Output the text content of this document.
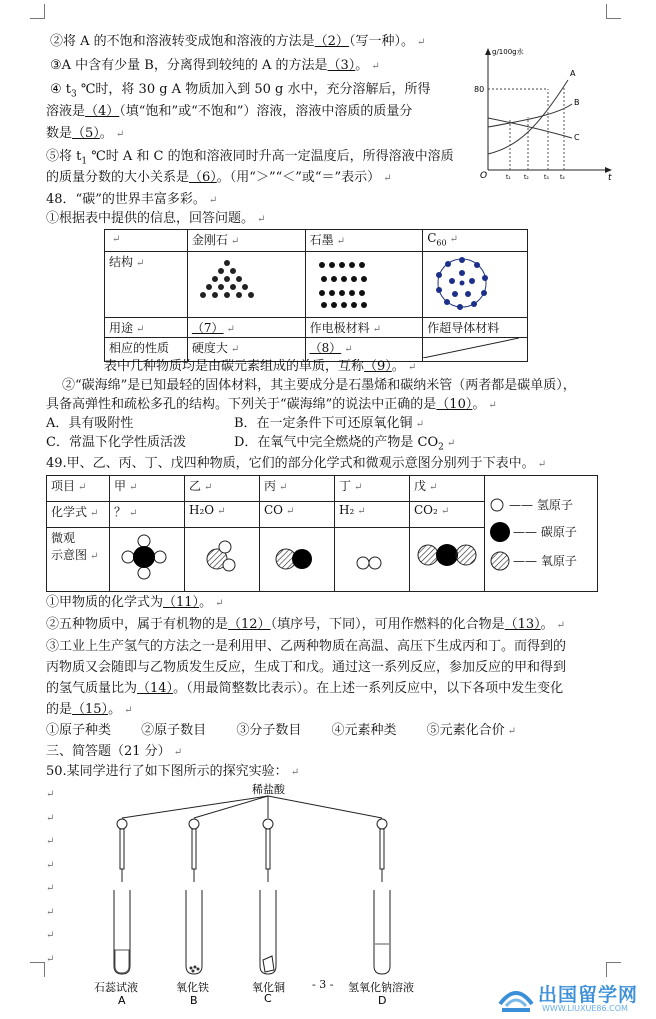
②将 A 的不饱和溶液转变成饱和溶液的方法是（2）（写一种）。 ↵
③A 中含有少量 B，分离得到较纯的 A 的方法是（3）。 ↵
④ $t_3$ ℃时，将 30 g A 物质加入到 50 g 水中，充分溶解后，所得
溶液是（4）（填“饱和”或“不饱和”）溶液，溶液中溶质的质量分
数是（5）。 ↵
⑤将 $t_1$ ℃时 A 和 C 的饱和溶液同时升高一定温度后，所得溶液中溶质
的质量分数的大小关系是（6）。（用“＞”“＜”或“＝”表示） ↵
g/100g水
80
O	t
A
B
C
t₁ t₂	t₃ t₄
48．“碳”的世界丰富多彩。 ↵
①根据表中提供的信息，回答问题。 ↵
↵	金刚石 ↵	石墨 ↵	$C_{60}$ ↵
结构 ↵			
用途 ↵	（7） ↵	作电极材料 ↵	作超导体材料
相应的性质	硬度大 ↵	（8） ↵	
表中几种物质均是由碳元素组成的单质，互称（9）。 ↵
②“碳海绵”是已知最轻的固体材料，其主要成分是石墨烯和碳纳米管（两者都是碳单质），
具备高弹性和疏松多孔的结构。下列关于“碳海绵”的说法中正确的是（10）。 ↵
A．具有吸附性	B．在一定条件下可还原氧化铜 ↵
C．常温下化学性质活泼	D．在氧气中完全燃烧的产物是 $CO_2$ ↵
49.甲、乙、丙、丁、戊四种物质，它们的部分化学式和微观示意图分别列于下表中。 ↵
项目 ↵	甲 ↵	乙 ↵	丙 ↵	丁 ↵	戊 ↵	—— 氢原子
—— 碳原子
—— 氧原子

化学式 ↵	？ ↵	H₂O ↵	CO ↵	H₂ ↵	CO₂ ↵	
微观
示意图 ↵					
①甲物质的化学式为（11）。 ↵
②五种物质中，属于有机物的是（12）（填序号，下同），可用作燃料的化合物是（13）。 ↵
③工业上生产氢气的方法之一是利用甲、乙两种物质在高温、高压下生成丙和丁。而得到的
丙物质又会随即与乙物质发生反应，生成丁和戊。通过这一系列反应，参加反应的甲和得到
的氢气质量比为（14）。（用最简整数比表示）。在上述一系列反应中，以下各项中发生变化
的是（15）。 ↵
①原子种类 ②原子数目 ③分子数目 ④元素种类 ⑤元素化合价 ↵
三、简答题（21 分） ↵
50.某同学进行了如下图所示的探究实验： ↵
↵
↵
↵
↵
↵
↵
↵
↵
稀盐酸
石蕊试液
A
氧化铁
B
氧化铜
C
氢氧化钠溶液
D
- 3 -	出国留学网
WWW.LIUXUE86.COM
